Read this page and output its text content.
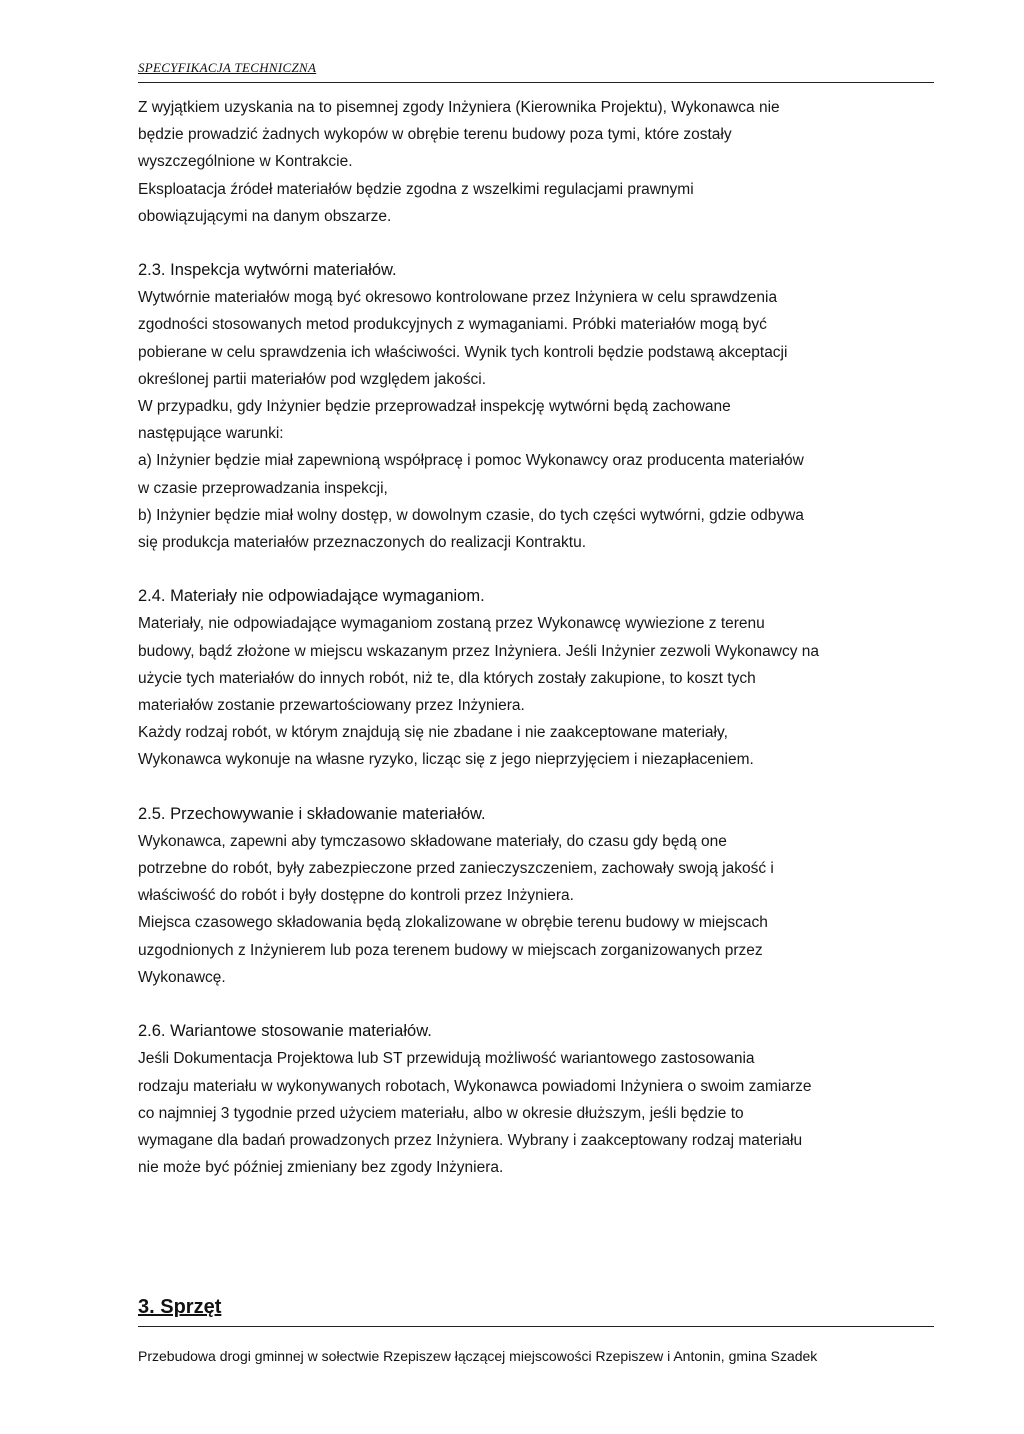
SPECYFIKACJA TECHNICZNA
Z wyjątkiem uzyskania na to pisemnej zgody Inżyniera (Kierownika Projektu), Wykonawca nie
będzie prowadzić żadnych wykopów w obrębie terenu budowy poza tymi, które zostały
wyszczególnione w Kontrakcie.
Eksploatacja źródeł materiałów będzie zgodna z wszelkimi regulacjami prawnymi
obowiązującymi na danym obszarze.
2.3. Inspekcja wytwórni materiałów.
Wytwórnie materiałów mogą być okresowo kontrolowane przez Inżyniera w celu sprawdzenia
zgodności stosowanych metod produkcyjnych z wymaganiami. Próbki materiałów mogą być
pobierane w celu sprawdzenia ich właściwości. Wynik tych kontroli będzie podstawą akceptacji
określonej partii materiałów pod względem jakości.
W przypadku, gdy Inżynier będzie przeprowadzał inspekcję wytwórni będą zachowane
następujące warunki:
a) Inżynier będzie miał zapewnioną współpracę i pomoc Wykonawcy oraz producenta materiałów
w czasie przeprowadzania inspekcji,
b) Inżynier będzie miał wolny dostęp, w dowolnym czasie, do tych części wytwórni, gdzie odbywa
się produkcja materiałów przeznaczonych do realizacji Kontraktu.
2.4. Materiały nie odpowiadające wymaganiom.
Materiały, nie odpowiadające wymaganiom zostaną przez Wykonawcę wywiezione z terenu
budowy, bądź złożone w miejscu wskazanym przez Inżyniera. Jeśli Inżynier zezwoli Wykonawcy na
użycie tych materiałów do innych robót, niż te, dla których zostały zakupione, to koszt tych
materiałów zostanie przewartościowany przez Inżyniera.
Każdy rodzaj robót, w którym znajdują się nie zbadane i nie zaakceptowane materiały,
Wykonawca wykonuje na własne ryzyko, licząc się z jego nieprzyjęciem i niezapłaceniem.
2.5. Przechowywanie i składowanie materiałów.
Wykonawca, zapewni aby tymczasowo składowane materiały, do czasu gdy będą one
potrzebne do robót, były zabezpieczone przed zanieczyszczeniem, zachowały swoją jakość i
właściwość do robót i były dostępne do kontroli przez Inżyniera.
Miejsca czasowego składowania będą zlokalizowane w obrębie terenu budowy w miejscach
uzgodnionych z Inżynierem lub poza terenem budowy w miejscach zorganizowanych przez
Wykonawcę.
2.6. Wariantowe stosowanie materiałów.
Jeśli Dokumentacja Projektowa lub ST przewidują możliwość wariantowego zastosowania
rodzaju materiału w wykonywanych robotach, Wykonawca powiadomi Inżyniera o swoim zamiarze
co najmniej 3 tygodnie przed użyciem materiału, albo w okresie dłuższym, jeśli będzie to
wymagane dla badań prowadzonych przez Inżyniera. Wybrany i zaakceptowany rodzaj materiału
nie może być później zmieniany bez zgody Inżyniera.
3. Sprzęt
Przebudowa drogi gminnej w sołectwie Rzepiszew łączącej miejscowości Rzepiszew i Antonin, gmina Szadek
